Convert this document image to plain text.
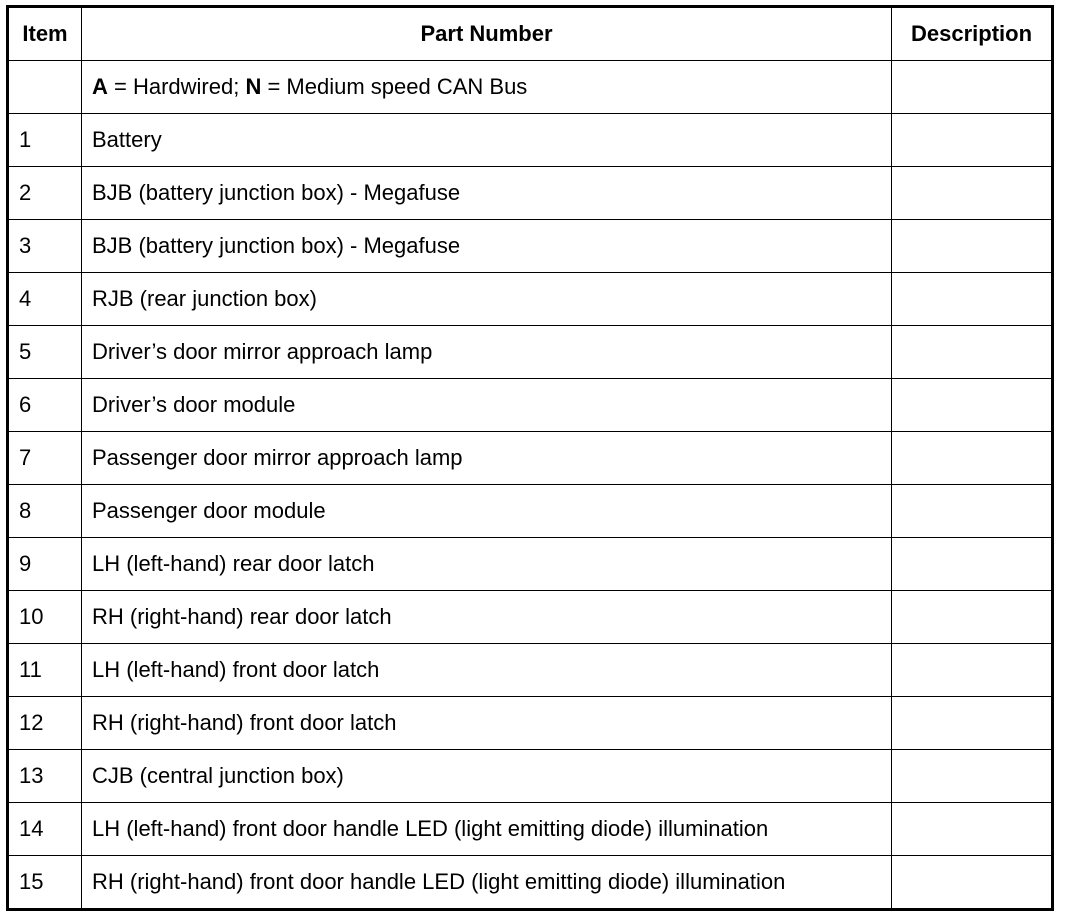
Item	Part Number	Description
	A = Hardwired; N = Medium speed CAN Bus	
1	Battery	
2	BJB (battery junction box) - Megafuse	
3	BJB (battery junction box) - Megafuse	
4	RJB (rear junction box)	
5	Driver’s door mirror approach lamp	
6	Driver’s door module	
7	Passenger door mirror approach lamp	
8	Passenger door module	
9	LH (left-hand) rear door latch	
10	RH (right-hand) rear door latch	
11	LH (left-hand) front door latch	
12	RH (right-hand) front door latch	
13	CJB (central junction box)	
14	LH (left-hand) front door handle LED (light emitting diode) illumination	
15	RH (right-hand) front door handle LED (light emitting diode) illumination	
